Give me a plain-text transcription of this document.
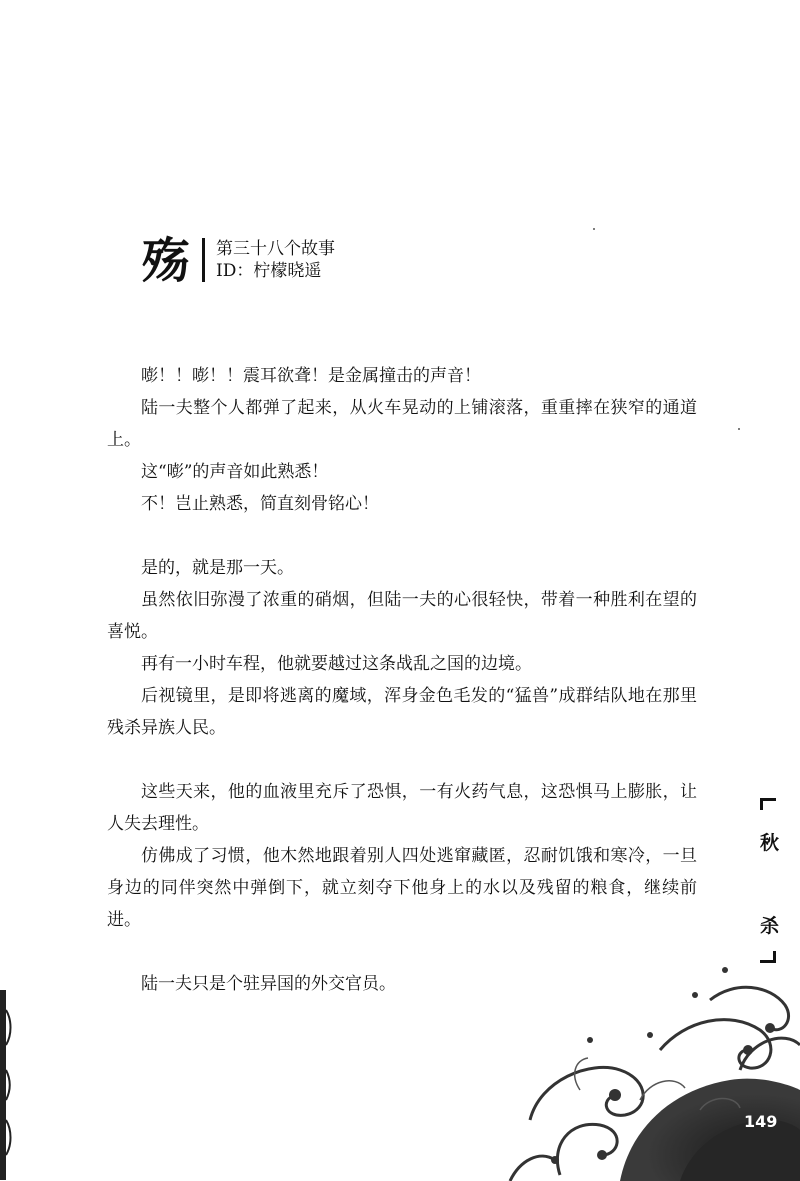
殇 第三十八个故事
ID：柠檬晓遥

嘭！！嘭！！震耳欲聋！是金属撞击的声音！

陆一夫整个人都弹了起来，从火车晃动的上铺滚落，重重摔在狭窄的通道上。

这“嘭”的声音如此熟悉！

不！岂止熟悉，简直刻骨铭心！

是的，就是那一天。

虽然依旧弥漫了浓重的硝烟，但陆一夫的心很轻快，带着一种胜利在望的喜悦。

再有一小时车程，他就要越过这条战乱之国的边境。

后视镜里，是即将逃离的魔域，浑身金色毛发的“猛兽”成群结队地在那里残杀异族人民。

这些天来，他的血液里充斥了恐惧，一有火药气息，这恐惧马上膨胀，让人失去理性。

仿佛成了习惯，他木然地跟着别人四处逃窜藏匿，忍耐饥饿和寒冷，一旦身边的同伴突然中弹倒下，就立刻夺下他身上的水以及残留的粮食，继续前进。

陆一夫只是个驻异国的外交官员。

秋
杀
149
